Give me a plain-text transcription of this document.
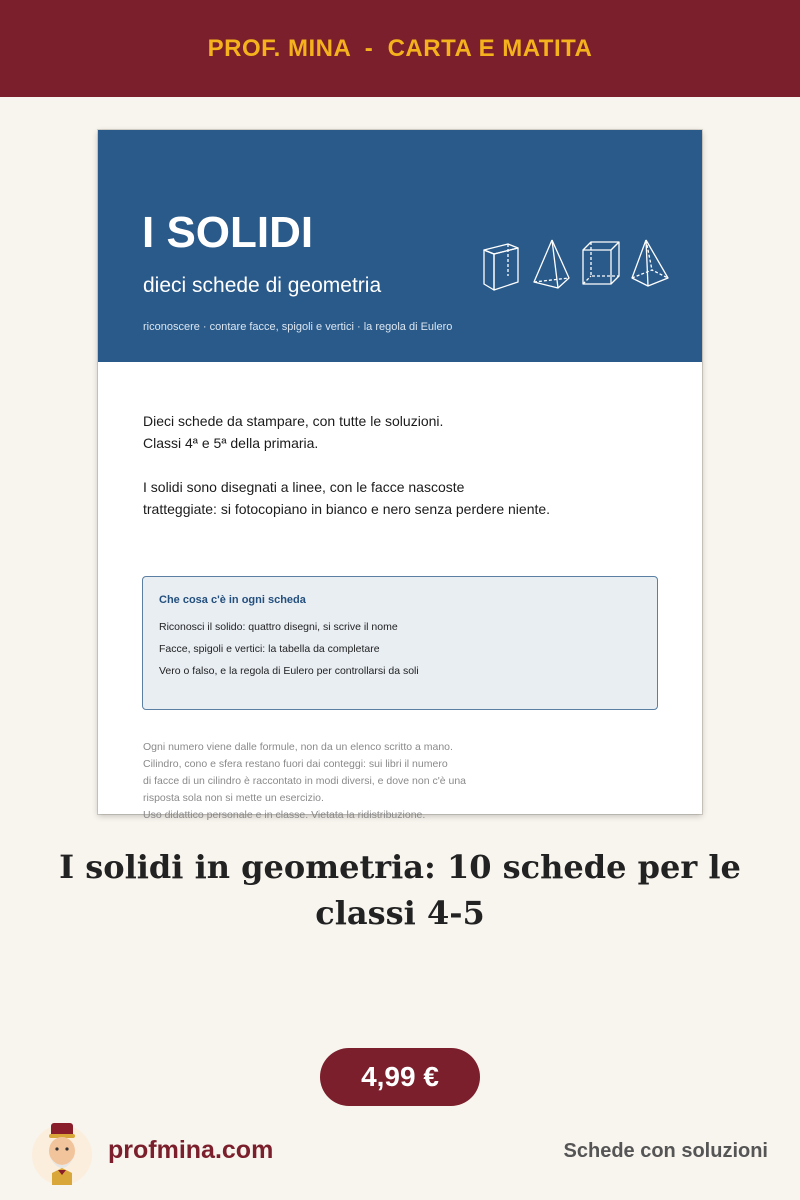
PROF. MINA  -  CARTA E MATITA
I SOLIDI
dieci schede di geometria
riconoscere · contare facce, spigoli e vertici · la regola di Eulero

Dieci schede da stampare, con tutte le soluzioni.
Classi 4ª e 5ª della primaria.

I solidi sono disegnati a linee, con le facce nascoste
tratteggiate: si fotocopiano in bianco e nero senza perdere niente.

Che cosa c'è in ogni scheda
Riconosci il solido: quattro disegni, si scrive il nome
Facce, spigoli e vertici: la tabella da completare
Vero o falso, e la regola di Eulero per controllarsi da soli
Ogni numero viene dalle formule, non da un elenco scritto a mano.
Cilindro, cono e sfera restano fuori dai conteggi: sui libri il numero
di facce di un cilindro è raccontato in modi diversi, e dove non c'è una
risposta sola non si mette un esercizio.
Uso didattico personale e in classe. Vietata la ridistribuzione.
I solidi in geometria: 10 schede per le classi 4-5
4,99 €
profmina.com	Schede con soluzioni
